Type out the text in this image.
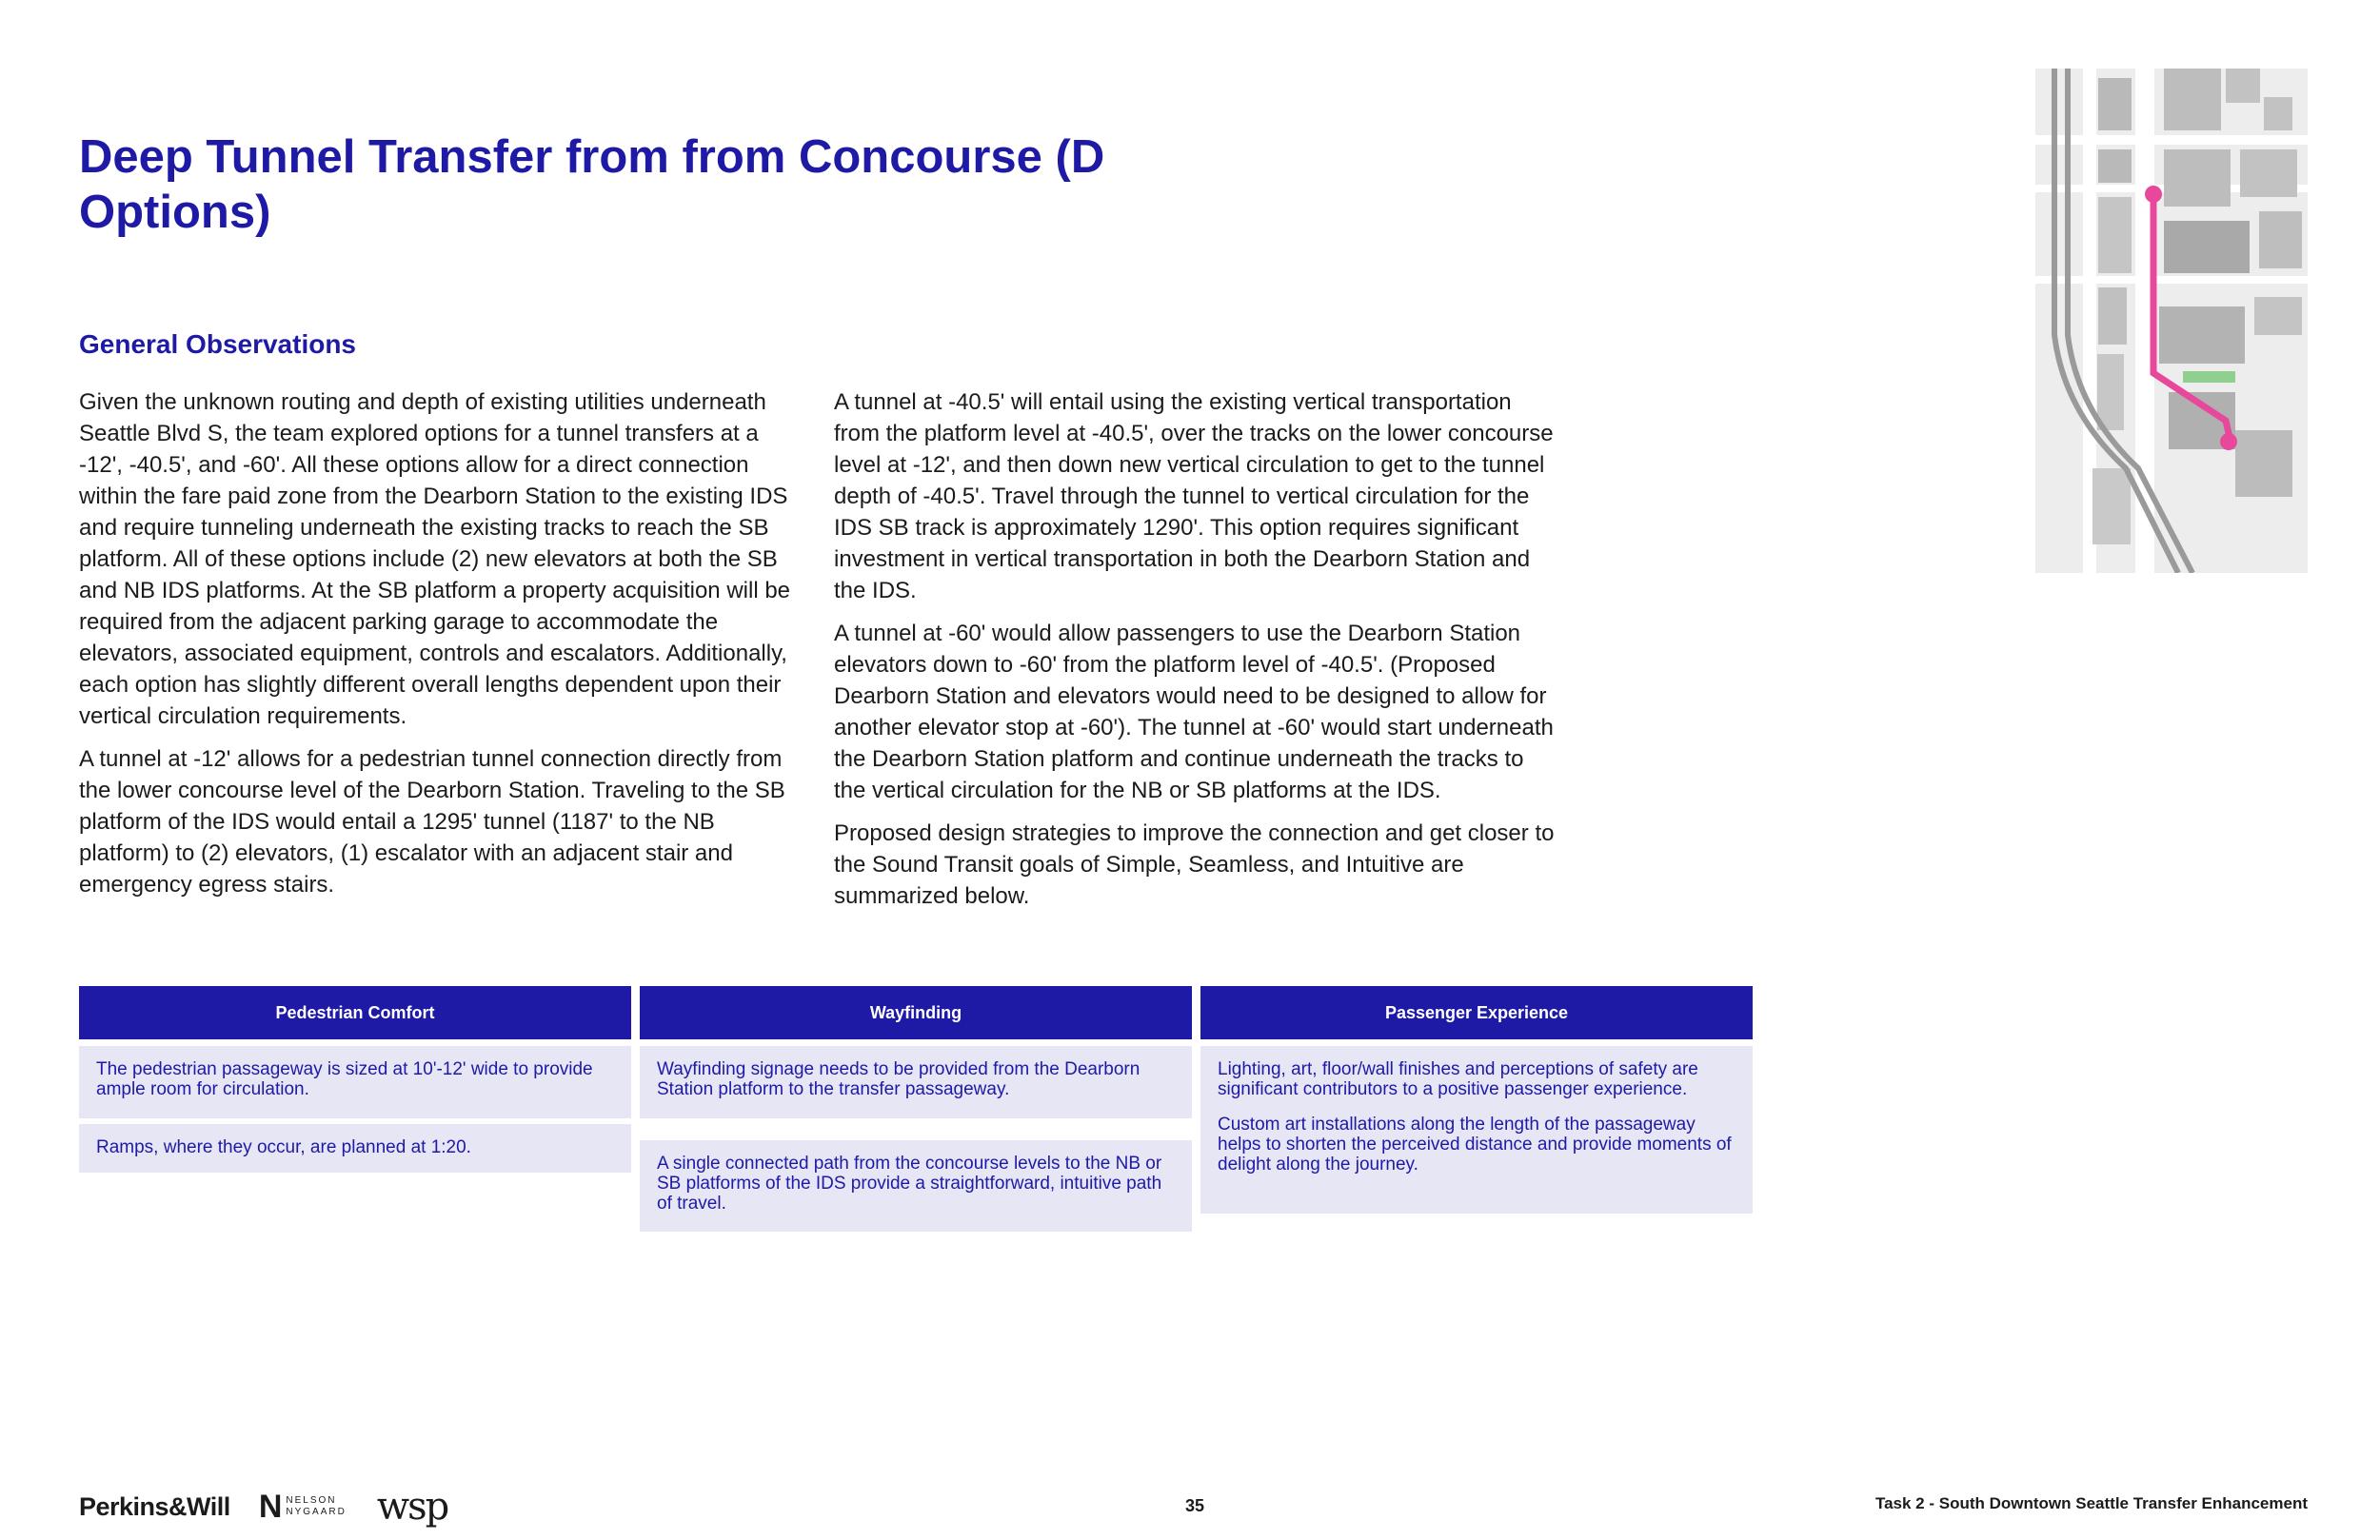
Deep Tunnel Transfer from from Concourse (D Options)
General Observations

Given the unknown routing and depth of existing utilities underneath Seattle Blvd S, the team explored options for a tunnel transfers at a -12', -40.5', and -60'. All these options allow for a direct connection within the fare paid zone from the Dearborn Station to the existing IDS and require tunneling underneath the existing tracks to reach the SB platform. All of these options include (2) new elevators at both the SB and NB IDS platforms. At the SB platform a property acquisition will be required from the adjacent parking garage to accommodate the elevators, associated equipment, controls and escalators. Additionally, each option has slightly different overall lengths dependent upon their vertical circulation requirements.

A tunnel at -12' allows for a pedestrian tunnel connection directly from the lower concourse level of the Dearborn Station. Traveling to the SB platform of the IDS would entail a 1295' tunnel (1187' to the NB platform) to (2) elevators, (1) escalator with an adjacent stair and emergency egress stairs.

A tunnel at -40.5' will entail using the existing vertical transportation from the platform level at -40.5', over the tracks on the lower concourse level at -12', and then down new vertical circulation to get to the tunnel depth of -40.5'. Travel through the tunnel to vertical circulation for the IDS SB track is approximately 1290'. This option requires significant investment in vertical transportation in both the Dearborn Station and the IDS.

A tunnel at -60' would allow passengers to use the Dearborn Station elevators down to -60' from the platform level of -40.5'. (Proposed Dearborn Station and elevators would need to be designed to allow for another elevator stop at -60'). The tunnel at -60' would start underneath the Dearborn Station platform and continue underneath the tracks to the vertical circulation for the NB or SB platforms at the IDS.

Proposed design strategies to improve the connection and get closer to the Sound Transit goals of Simple, Seamless, and Intuitive are summarized below.

Pedestrian Comfort

The pedestrian passageway is sized at 10'-12' wide to provide ample room for circulation.

Ramps, where they occur, are planned at 1:20.

Wayfinding

Wayfinding signage needs to be provided from the Dearborn Station platform to the transfer passageway.

A single connected path from the concourse levels to the NB or SB platforms of the IDS provide a straightforward, intuitive path of travel.

Passenger Experience

Lighting, art, floor/wall finishes and perceptions of safety are significant contributors to a positive passenger experience.

Custom art installations along the length of the passageway helps to shorten the perceived distance and provide moments of delight along the journey.

Perkins&Will N NELSON
NYGAARD wsp	35	Task 2 - South Downtown Seattle Transfer Enhancement
